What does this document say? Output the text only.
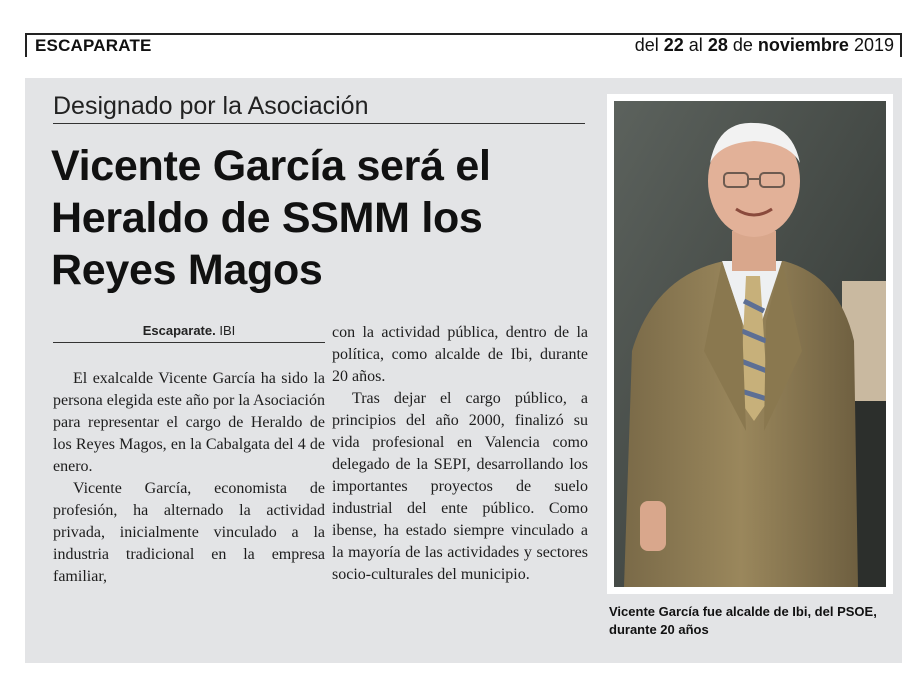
ESCAPARATE	del 22 al 28 de noviembre 2019
Designado por la Asociación
Vicente García será el Heraldo de SSMM los Reyes Magos
Escaparate. IBI

El exalcalde Vicente García ha sido la persona elegida este año por la Asociación para representar el cargo de Heraldo de los Reyes Magos, en la Cabalgata del 4 de enero.

Vicente García, economista de profesión, ha alternado la actividad privada, inicialmente vinculado a la industria tradicional en la empresa familiar,

con la actividad pública, dentro de la política, como alcalde de Ibi, durante 20 años.

Tras dejar el cargo público, a principios del año 2000, finalizó su vida profesional en Valencia como delegado de la SEPI, desarrollando los importantes proyectos de suelo industrial del ente público. Como ibense, ha estado siempre vinculado a la mayoría de las actividades y sectores socio-culturales del municipio.

Vicente García fue alcalde de Ibi, del PSOE, durante 20 años
